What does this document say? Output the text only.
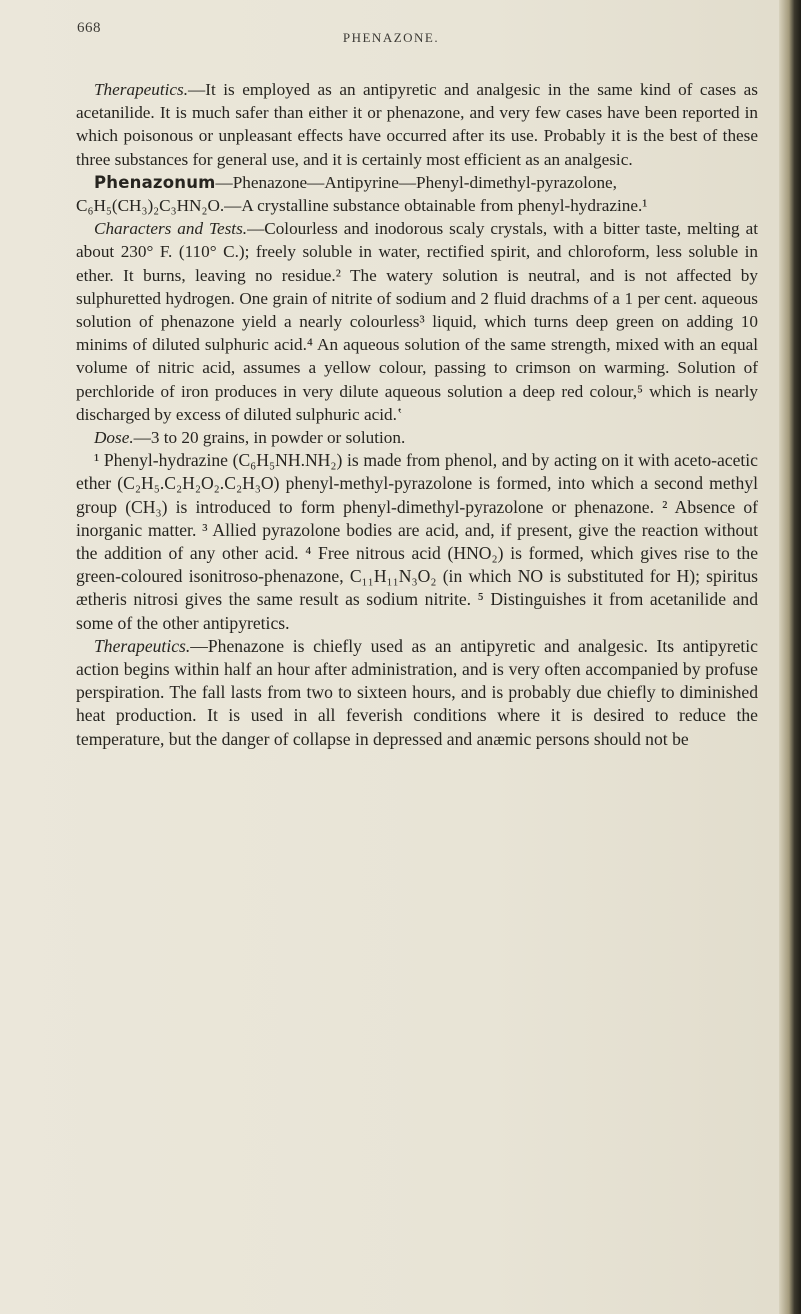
668
PHENAZONE.

Therapeutics.—It is employed as an antipyretic and analgesic in the same kind of cases as acetanilide. It is much safer than either it or phenazone, and very few cases have been reported in which poisonous or unpleasant effects have occurred after its use. Probably it is the best of these three substances for general use, and it is certainly most efficient as an analgesic.

Phenazonum—Phenazone—Antipyrine—Phenyl-dimethyl-pyrazolone, C₆H₅(CH₃)₂C₃HN₂O.—A crystalline substance obtainable from phenyl-hydrazine.¹

Characters and Tests.—Colourless and inodorous scaly crystals, with a bitter taste, melting at about 230° F. (110° C.); freely soluble in water, rectified spirit, and chloroform, less soluble in ether. It burns, leaving no residue.² The watery solution is neutral, and is not affected by sulphuretted hydrogen. One grain of nitrite of sodium and 2 fluid drachms of a 1 per cent. aqueous solution of phenazone yield a nearly colourless³ liquid, which turns deep green on adding 10 minims of diluted sulphuric acid.⁴ An aqueous solution of the same strength, mixed with an equal volume of nitric acid, assumes a yellow colour, passing to crimson on warming. Solution of perchloride of iron produces in very dilute aqueous solution a deep red colour,⁵ which is nearly discharged by excess of diluted sulphuric acid.ʽ

Dose.—3 to 20 grains, in powder or solution.

¹ Phenyl-hydrazine (C₆H₅NH.NH₂) is made from phenol, and by acting on it with aceto-acetic ether (C₂H₅.C₂H₂O₂.C₂H₃O) phenyl-methyl-pyrazolone is formed, into which a second methyl group (CH₃) is introduced to form phenyl-dimethyl-pyrazolone or phenazone. ² Absence of inorganic matter. ³ Allied pyrazolone bodies are acid, and, if present, give the reaction without the addition of any other acid. ⁴ Free nitrous acid (HNO₂) is formed, which gives rise to the green-coloured isonitroso-phenazone, C₁₁H₁₁N₃O₂ (in which NO is substituted for H); spiritus ætheris nitrosi gives the same result as sodium nitrite. ⁵ Distinguishes it from acetanilide and some of the other antipyretics.

Therapeutics.—Phenazone is chiefly used as an antipyretic and analgesic. Its antipyretic action begins within half an hour after administration, and is very often accompanied by profuse perspiration. The fall lasts from two to sixteen hours, and is probably due chiefly to diminished heat production. It is used in all feverish conditions where it is desired to reduce the temperature, but the danger of collapse in depressed and anæmic persons should not be
